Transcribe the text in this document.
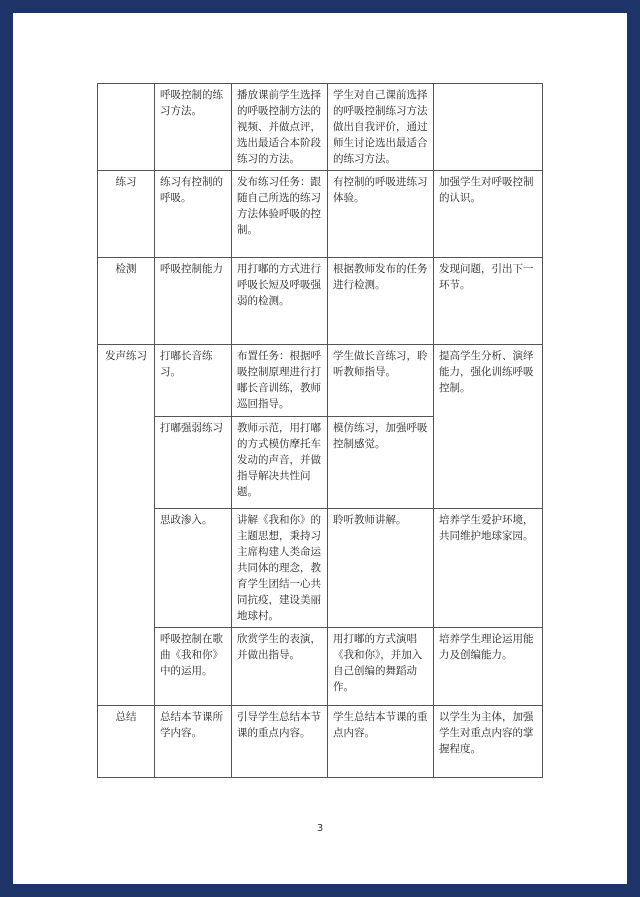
	呼吸控制的练习方法。	播放课前学生选择的呼吸控制方法的视频、并做点评，选出最适合本阶段练习的方法。	学生对自己课前选择的呼吸控制练习方法做出自我评价，通过师生讨论选出最适合的练习方法。	
练习	练习有控制的呼吸。	发布练习任务：跟随自己所选的练习方法体验呼吸的控制。	有控制的呼吸进练习体验。	加强学生对呼吸控制的认识。
检测	呼吸控制能力	用打嘟的方式进行呼吸长短及呼吸强弱的检测。	根据教师发布的任务进行检测。	发现问题，引出下一环节。
发声练习	打嘟长音练习。	布置任务：根据呼吸控制原理进行打嘟长音训练，教师巡回指导。	学生做长音练习，聆听教师指导。	提高学生分析、演绎能力，强化训练呼吸控制。
	打嘟强弱练习	教师示范，用打嘟的方式模仿摩托车发动的声音，并做指导解决共性问题。	模仿练习，加强呼吸控制感觉。	
	思政渗入。	讲解《我和你》的主题思想，秉持习主席构建人类命运共同体的理念，教育学生团结一心共同抗疫，建设美丽地球村。	聆听教师讲解。	培养学生爱护环境，共同维护地球家园。
	呼吸控制在歌曲《我和你》中的运用。	欣赏学生的表演，并做出指导。	用打嘟的方式演唱《我和你》，并加入自己创编的舞蹈动作。	培养学生理论运用能力及创编能力。
总结	总结本节课所学内容。	引导学生总结本节课的重点内容。	学生总结本节课的重点内容。	以学生为主体，加强学生对重点内容的掌握程度。
3
